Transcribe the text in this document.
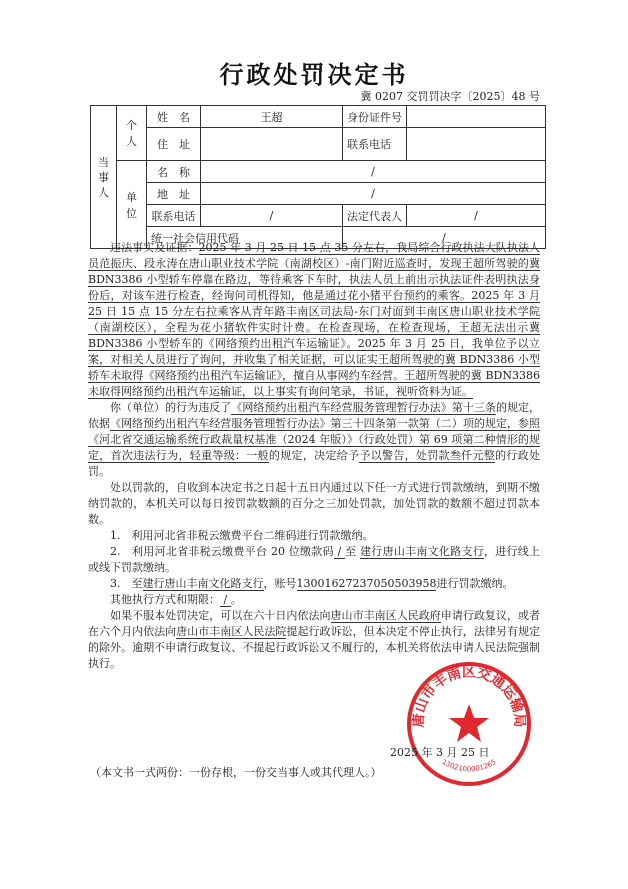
行政处罚决定书
冀 0207 交罚罚决字〔2025〕48 号
当事人	个人	姓　名	王超	身份证件号	
		住　址		联系电话	
	单位	名　称	/		
		地　址	/		
		联系电话	/	法定代表人	/
		统一社会信用代码		/	

违法事实及证据：2025 年 3 月 25 日 15 点 35 分左右，我局综合行政执法大队执法人员范振庆、段永涛在唐山职业技术学院（南湖校区）-南门附近巡查时，发现王超所驾驶的冀 BDN3386 小型轿车停靠在路边，等待乘客下车时，执法人员上前出示执法证件表明执法身份后，对该车进行检查，经询问司机得知，他是通过花小猪平台预约的乘客。2025 年 3 月 25 日 15 点 15 分左右拉乘客从青年路丰南区司法局-东门对面到丰南区唐山职业技术学院（南湖校区），全程为花小猪软件实时计费。在检查现场，在检查现场，王超无法出示冀 BDN3386 小型轿车的《网络预约出租汽车运输证》。2025 年 3 月 25 日，我单位予以立案，对相关人员进行了询问，并收集了相关证据，可以证实王超所驾驶的冀 BDN3386 小型轿车未取得《网络预约出租汽车运输证》，擅自从事网约车经营。王超所驾驶的冀 BDN3386 未取得网络预约出租汽车运输证，以上事实有询问笔录，书证，视听资料为证。

你（单位）的行为违反了《网络预约出租汽车经营服务管理暂行办法》第十三条的规定，依据《网络预约出租汽车经营服务管理暂行办法》第三十四条第一款第（二）项的规定，参照《河北省交通运输系统行政裁量权基准（2024 年版）》（行政处罚）第 69 项第二种情形的规定，首次违法行为，轻重等级：一般的规定，决定给予予以警告，处罚款叁仟元整的行政处罚。

处以罚款的，自收到本决定书之日起十五日内通过以下任一方式进行罚款缴纳，到期不缴纳罚款的，本机关可以每日按罚款数额的百分之三加处罚款，加处罚款的数额不超过罚款本数。

1.　利用河北省非税云缴费平台二维码进行罚款缴纳。

2.　利用河北省非税云缴费平台 20 位缴款码 / 至 建行唐山丰南文化路支行，进行线上或线下罚款缴纳。

3.　至建行唐山丰南文化路支行，账号13001627237050503958进行罚款缴纳。

其他执行方式和期限： / 。

如果不服本处罚决定，可以在六十日内依法向唐山市丰南区人民政府申请行政复议，或者在六个月内依法向唐山市丰南区人民法院提起行政诉讼，但本决定不停止执行，法律另有规定的除外。逾期不申请行政复议、不提起行政诉讼又不履行的，本机关将依法申请人民法院强制执行。

唐山市丰南区交通运输局
1302100001265
2025 年 3 月 25 日
（本文书一式两份：一份存根，一份交当事人或其代理人。）
